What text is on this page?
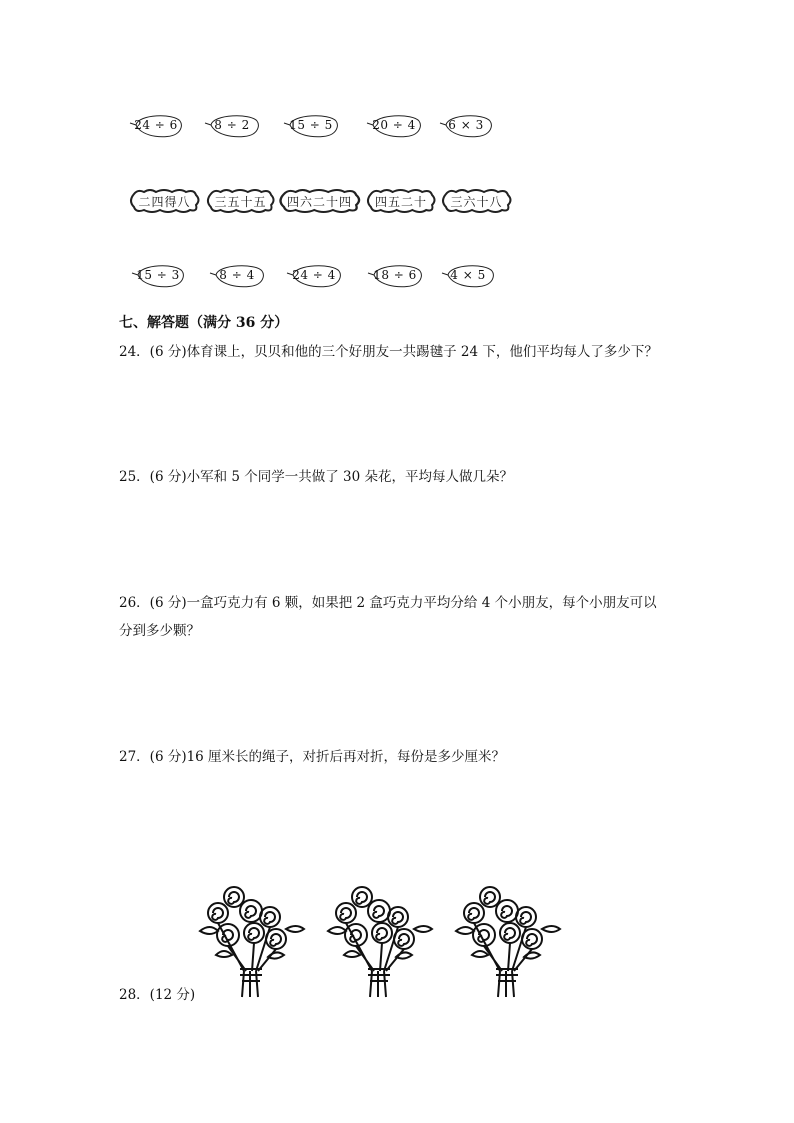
24 ÷ 6	8 ÷ 2	15 ÷ 5	20 ÷ 4	6 × 3
二四得八 三五十五 四六二十四 四五二十 三六十八
15 ÷ 3	8 ÷ 4	24 ÷ 4	18 ÷ 6	4 × 5
七、解答题（满分 36 分）
24．(6 分)体育课上，贝贝和他的三个好朋友一共踢毽子 24 下，他们平均每人了多少下？
25．(6 分)小军和 5 个同学一共做了 30 朵花，平均每人做几朵？
26．(6 分)一盒巧克力有 6 颗，如果把 2 盒巧克力平均分给 4 个小朋友，每个小朋友可以
分到多少颗？
27．(6 分)16 厘米长的绳子，对折后再对折，每份是多少厘米？
28．(12 分)
